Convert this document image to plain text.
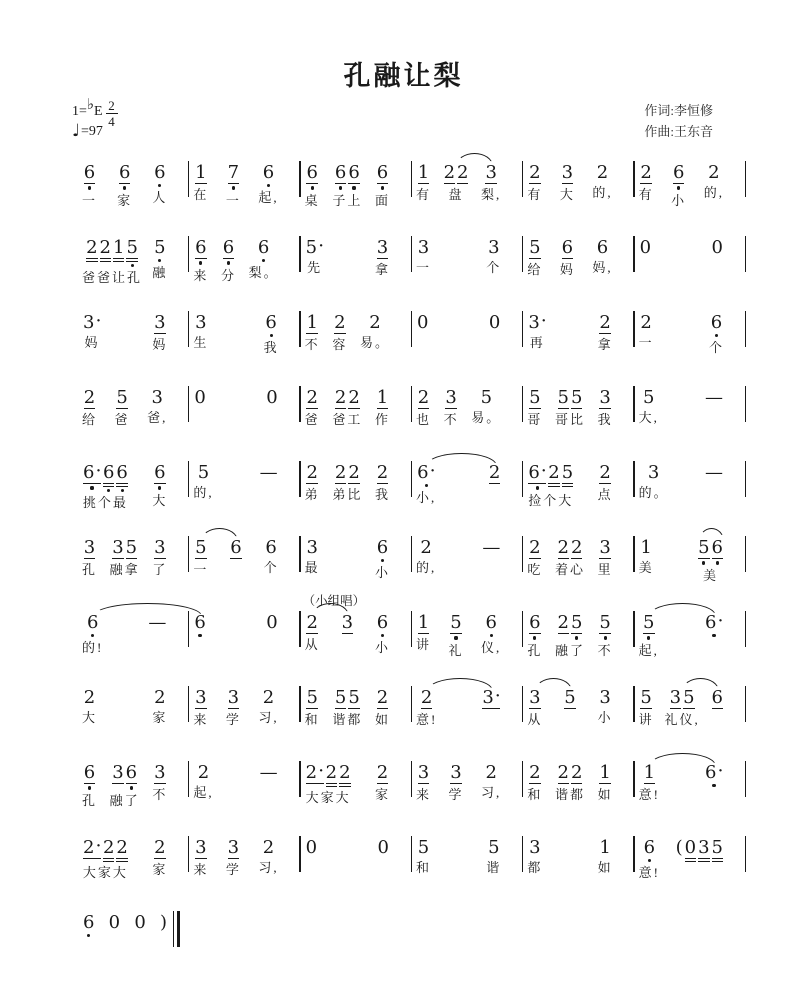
孔融让梨
1= ♭ E $\frac{2}{4}$
♩ =97
作词:李恒修
作曲:王东音
6
一
6
家
6
人
1
在
7
一
6
起,
6
桌
6 6
子上
6
面
1
有
2 2
盘
3
梨,
2
有
3
大
2
的,
2
有
6
小
2
的,
2 2 1 5
爸爸让孔
5
融
6
来
6
分
6
梨。
5 ·
先
3
拿
3
一
3
个
5
给
6
妈
6
妈,
0	0
3 ·
妈
3
妈
3
生
6
我
1
不
2
容
2
易。
0	0 3 ·
再
2
拿
2
一
6
个
2
给
5
爸
3
爸,
0	0 2
爸
2 2
爸工
1
作
2
也
3
不
5
易。
5
哥
5 5
哥比
3
我
5
大,
—
6 · 6 6
挑个最
6
大
5
的,
— 2
弟
2 2
弟比
2
我
6 ·
小,
2 6 · 2 5
捡个大
2
点
3
的。
—
3
孔
3 5
融拿
3
了
5
一
6 6
个
3
最
6
小
2
的,
— 2
吃
2 2
着心
3
里
1
美
5 6
美
6
的!
— 6	0
（小组唱）
2
从
3 6
小
1
讲
5
礼
6
仪,
6
孔
2 5
融了
5
不
5
起,
6 ·
2
大
2
家
3
来
3
学
2
习,
5
和
5 5
谐都
2
如
2
意!
3 · 3
从
5 3
小
5
讲
3 5
礼仪,
6
6
孔
3 6
融了
3
不
2
起,
— 2 · 2 2
大家大
2
家
3
来
3
学
2
习,
2
和
2 2
谐都
1
如
1
意!
6 ·
2 · 2 2
大家大
2
家
3
来
3
学
2
习,
0	0 5
和
5
谐
3
都
1
如
6
意!
( 0 3 5
6 0 0 )
